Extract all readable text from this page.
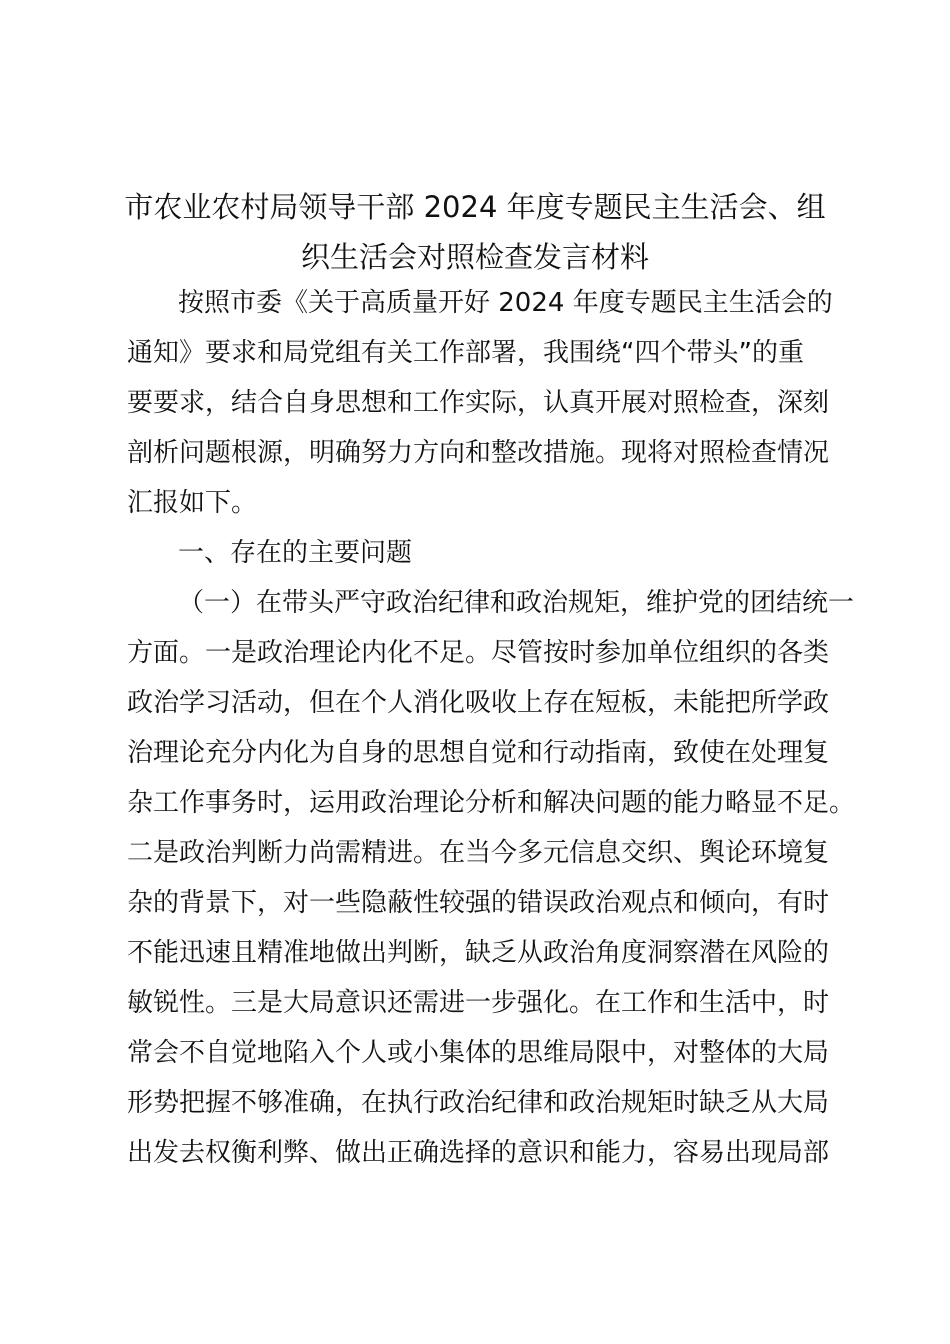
市农业农村局领导干部 2024 年度专题民主生活会、组
织生活会对照检查发言材料
按照市委《关于高质量开好 2024 年度专题民主生活会的
通知》要求和局党组有关工作部署，我围绕“四个带头”的重
要要求，结合自身思想和工作实际，认真开展对照检查，深刻
剖析问题根源，明确努力方向和整改措施。现将对照检查情况
汇报如下。
一、存在的主要问题
（一）在带头严守政治纪律和政治规矩，维护党的团结统一
方面。一是政治理论内化不足。尽管按时参加单位组织的各类
政治学习活动，但在个人消化吸收上存在短板，未能把所学政
治理论充分内化为自身的思想自觉和行动指南，致使在处理复
杂工作事务时，运用政治理论分析和解决问题的能力略显不足。
二是政治判断力尚需精进。在当今多元信息交织、舆论环境复
杂的背景下，对一些隐蔽性较强的错误政治观点和倾向，有时
不能迅速且精准地做出判断，缺乏从政治角度洞察潜在风险的
敏锐性。三是大局意识还需进一步强化。在工作和生活中，时
常会不自觉地陷入个人或小集体的思维局限中，对整体的大局
形势把握不够准确，在执行政治纪律和政治规矩时缺乏从大局
出发去权衡利弊、做出正确选择的意识和能力，容易出现局部
